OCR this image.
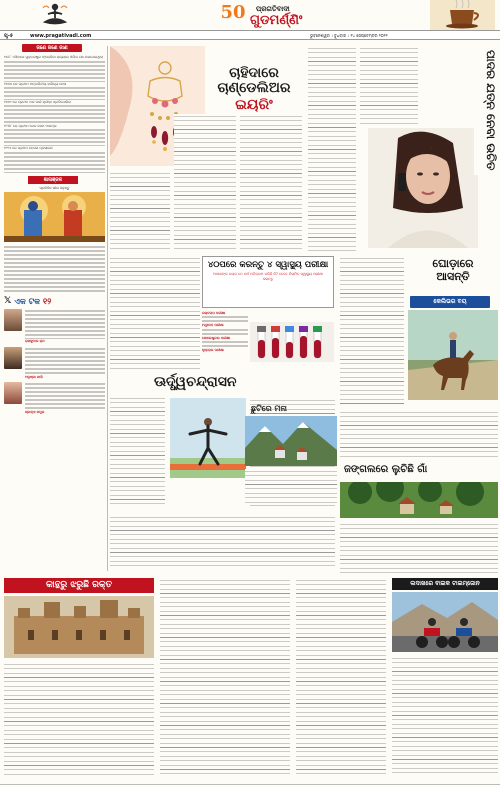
50	ପ୍ରଗତିବାଦୀ
ଗୁଡମର୍ଣ୍ଣିଂ
ପୃ-୫	www.pragativadi.com	ଭୁବନେଶ୍ୱର । ବୁଧବାର । ୧୪ ସେପ୍ଟେମ୍ବର ୨୦୨୨
ଜଣେ ଜଣେ ଜାଣ
୧୫୮୮ ମସିହାରେ ଯୁକ୍ତରାଷ୍ଟ୍ର ଫ୍ଲୋରିଡା ରାଜ୍ୟରେ ଓଲିଭ ଗଛ ଲଗାଯାଇଥିଲା
୧୭୫୫ ରେ ପ୍ରଥମ ଅନ୍ତର୍ଜାତୀୟ ବାଣିଜ୍ୟ ମେଳା
୧୭୭୯ ରେ ପ୍ରଥମ ଥର ପାଇଁ କ୍ରୀଡ଼ା ପ୍ରତିଯୋଗିତା
୧୮୩୮ ରେ ପ୍ରଥମ ରେଳ ସେବା ଆରମ୍ଭ
୧୯୨୬ ରେ ପ୍ରଥମ ବେତାର ପ୍ରସାରଣ
ଜ୍ଞାନାଞ୍ଜଳ
ପ୍ରତିଦିନ ଗୀତା ପଢ଼ନ୍ତୁ
𝕏 ଏକ ଟକ ୧୨
ରାଜକୁମାର ରାଓ
ଅନୁଷ୍କା ଶର୍ମା
ଶ୍ରଦ୍ଧା କପୁର
ଚାହିଦାରେ
ଚାଣ୍ଡେଲିଅର
ଇୟରିଂ	ପାଦର ଯତ୍ନ ନେବା ଉଚିତ
୪୦ପରେ କରନ୍ତୁ ୪ ସ୍ୱାସ୍ଥ୍ୟ ପରୀକ୍ଷା
ଆପଣଙ୍କ ବୟସ ୪୦ ବର୍ଷ ଅତିକ୍ରମ କରିଛି କି? ତେବେ ନିୟମିତ ସ୍ୱାସ୍ଥ୍ୟ ପରୀକ୍ଷା କରାନ୍ତୁ
ରକ୍ତଚାପ ପରୀକ୍ଷା
ମଧୁମେହ ପରୀକ୍ଷା
କୋଲେଷ୍ଟ୍ରଲ ପରୀକ୍ଷା
ହୃଦ୍‌ରୋଗ ପରୀକ୍ଷା
ଘୋଡ଼ାରେ
ଆସନ୍ତି
କେଲିଭର ବୟ
ଊର୍ଦ୍ଧ୍ୱଚନ୍ଦ୍ରାସନ
ଛୁଟିରେ ମନା
ଜଙ୍ଗଲରେ ଲୁଚିଛି ଗାଁ
କାନ୍ଥରୁ ଝରୁଛି ରକ୍ତ	ଲଦାଖରେ ବାଇକ ଟାଇମ୍‌ଜୋନ
